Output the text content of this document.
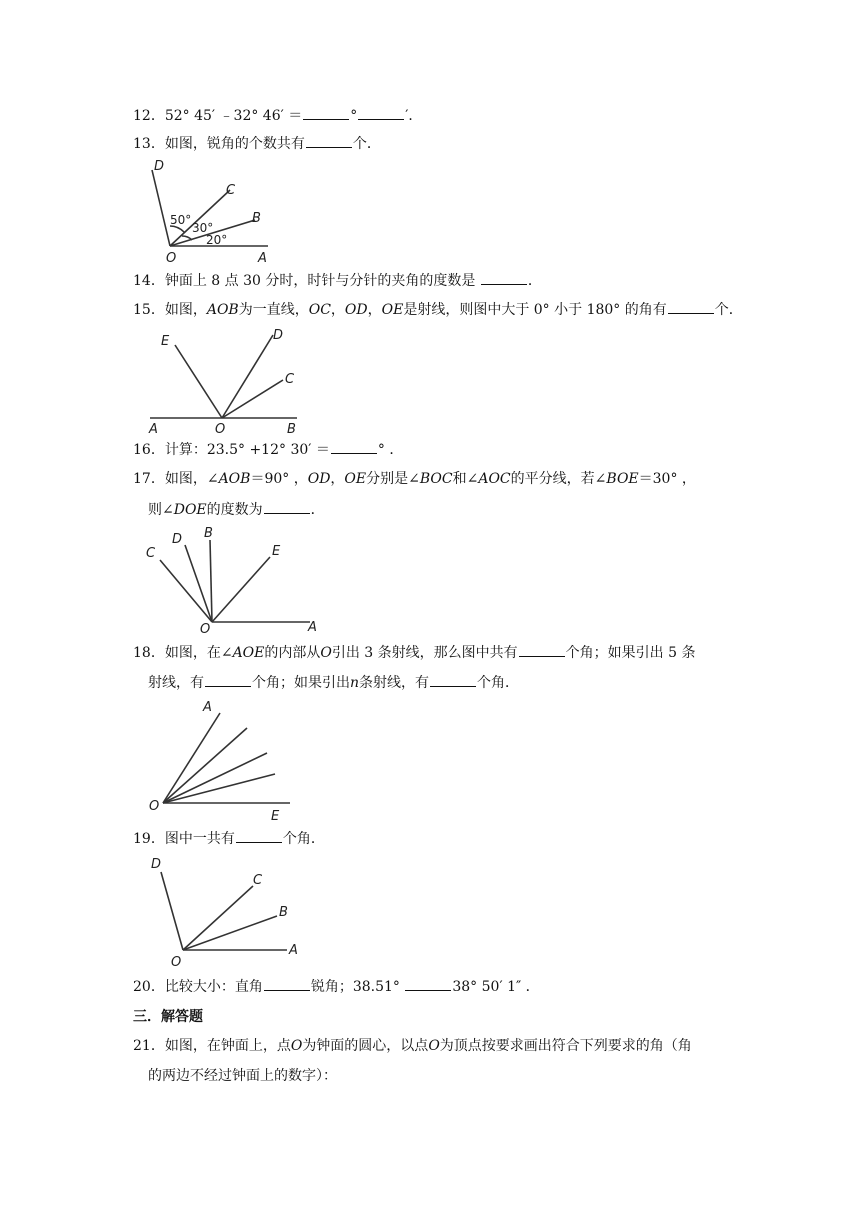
12．52° 45′ ﹣32° 46′ ＝	°	′．
13．如图，锐角的个数共有	个．
D
C
B
O	A
50°
30°
20°
14．钟面上 8 点 30 分时，时针与分针的夹角的度数是	．
15．如图，AOB为一直线，OC，OD，OE是射线，则图中大于 0° 小于 180° 的角有	个．
E	D
C
A	O	B
16．计算：23.5° +12° 30′ ＝	° ．
17．如图，∠AOB＝90° ，OD，OE分别是∠BOC和∠AOC的平分线，若∠BOE＝30° ，
则∠DOE的度数为	．
C
D B
E
O	A
18．如图，在∠AOE的内部从O引出 3 条射线，那么图中共有	个角；如果引出 5 条
射线，有	个角；如果引出n条射线，有	个角．
A
O
E
19．图中一共有	个角．
D
C
B
O
A
20．比较大小：直角	锐角；38.51°	38° 50′ 1″ ．
三．解答题
21．如图，在钟面上，点O为钟面的圆心，以点O为顶点按要求画出符合下列要求的角（角
的两边不经过钟面上的数字）：
